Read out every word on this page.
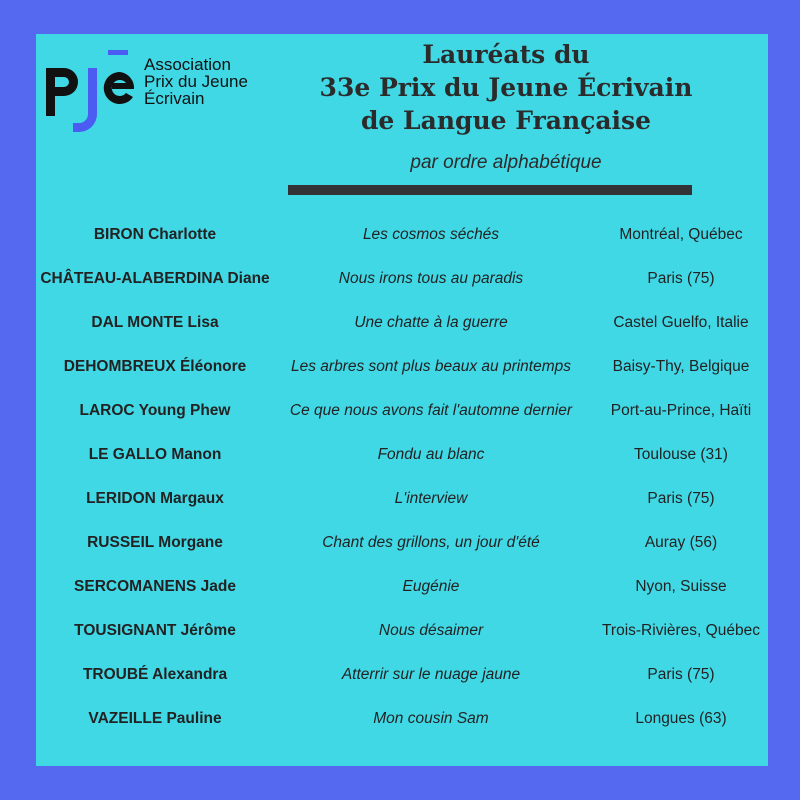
Association
Prix du Jeune
Écrivain
Lauréats du
33e Prix du Jeune Écrivain
de Langue Française
par ordre alphabétique
BIRON Charlotte	Les cosmos séchés	Montréal, Québec
CHÂTEAU-ALABERDINA Diane	Nous irons tous au paradis	Paris (75)
DAL MONTE Lisa	Une chatte à la guerre	Castel Guelfo, Italie
DEHOMBREUX Éléonore	Les arbres sont plus beaux au printemps	Baisy-Thy, Belgique
LAROC Young Phew	Ce que nous avons fait l'automne dernier	Port-au-Prince, Haïti
LE GALLO Manon	Fondu au blanc	Toulouse (31)
LERIDON Margaux	L'interview	Paris (75)
RUSSEIL Morgane	Chant des grillons, un jour d'été	Auray (56)
SERCOMANENS Jade	Eugénie	Nyon, Suisse
TOUSIGNANT Jérôme	Nous désaimer	Trois-Rivières, Québec
TROUBÉ Alexandra	Atterrir sur le nuage jaune	Paris (75)
VAZEILLE Pauline	Mon cousin Sam	Longues (63)
